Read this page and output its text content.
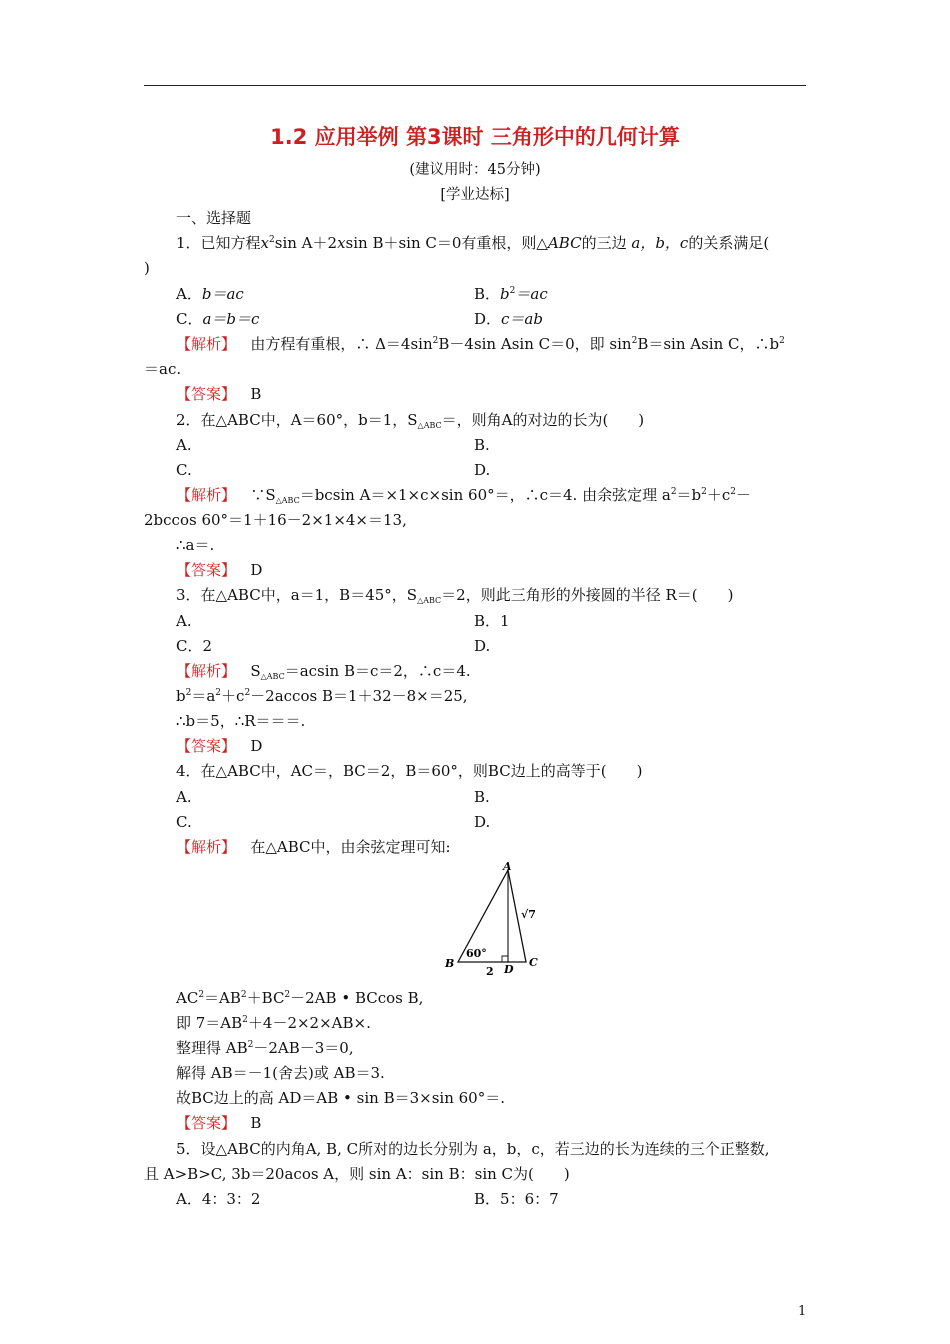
1.2 应用举例 第3课时 三角形中的几何计算
(建议用时：45分钟)
[学业达标]
一、选择题
1．已知方程$x^2\sin$ A＋2xsin B＋sin C＝0有重根，则△ABC的三边 a，b，c的关系满足(
)
A．b＝ac	B．$b^2=ac$
C．a＝b＝c	D．c＝ab
【解析】 由方程有重根，∴ $\Delta=4\sin^2B-4\sin$ Asin C＝0，即 $\sin^2B=\sin$ Asin C，$\therefore b^2$
＝ac.
【答案】 B
2．在△ABC中，A＝60°，b＝1，$S_{\triangle ABC}=$，则角A的对边的长为(　　)
A.	B.
C.	D.
【解析】 $\because S_{\triangle ABC}=bcsin$ A＝×1×c×sin 60°＝，∴c＝4. 由余弦定理 $a^2=b^2+c^2-$
2bccos 60°＝1＋16－2×1×4×＝13,
∴a＝.
【答案】 D
3．在△ABC中，a＝1，B＝45°，$S_{\triangle ABC}=2$，则此三角形的外接圆的半径 R＝(　　)
A.	B．1
C．2	D.
【解析】 $S_{\triangle ABC}=acsin$ B＝c＝2，∴c＝4.
$b^2=a^2+c^2-2accos$ B＝1＋32－8×＝25,
∴b＝5，∴R＝＝＝.
【答案】 D
4．在△ABC中，AC＝，BC＝2，B＝60°，则BC边上的高等于(　　)
A.	B.
C.	D.
【解析】 在△ABC中，由余弦定理可知:
A
B	C
D
60°
2
√7
$AC^2=AB^2+BC^2-2AB$ • BCcos B,
即 $7=AB^2+4-2\times 2\times AB\times$.
整理得 $AB^2-2AB-3=0$,
解得 AB＝－1(舍去)或 AB＝3.
故BC边上的高 AD＝AB • sin B＝3×sin 60°＝.
【答案】 B
5．设△ABC的内角A, B, C所对的边长分别为 a，b，c，若三边的长为连续的三个正整数,
且 A>B>C, 3b＝20acos A，则 sin A：sin B：sin C为(　　)
A．4：3：2	B．5：6：7
1
